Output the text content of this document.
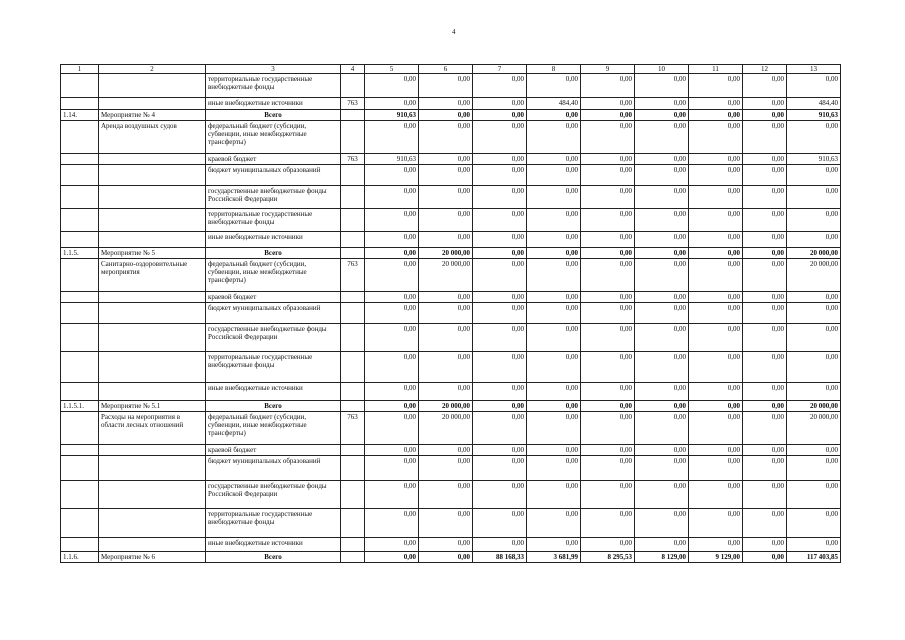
4
1	2	3	4	5	6	7	8	9	10	11	12	13
		территориальные государственные внебюджетные фонды		0,00	0,00	0,00	0,00	0,00	0,00	0,00	0,00	0,00
		иные внебюджетные источники	763	0,00	0,00	0,00	484,40	0,00	0,00	0,00	0,00	484,40
1.14.	Мероприятие № 4	Всего		910,63	0,00	0,00	0,00	0,00	0,00	0,00	0,00	910,63
	Аренда воздушных судов	федеральный бюджет (субсидии, субвенции, иные межбюджетные трансферты)		0,00	0,00	0,00	0,00	0,00	0,00	0,00	0,00	0,00
		краевой бюджет	763	910,63	0,00	0,00	0,00	0,00	0,00	0,00	0,00	910,63
		бюджет муниципальных образований		0,00	0,00	0,00	0,00	0,00	0,00	0,00	0,00	0,00
		государственные внебюджетные фонды Российской Федерации		0,00	0,00	0,00	0,00	0,00	0,00	0,00	0,00	0,00
		территориальные государственные внебюджетные фонды		0,00	0,00	0,00	0,00	0,00	0,00	0,00	0,00	0,00
		иные внебюджетные источники		0,00	0,00	0,00	0,00	0,00	0,00	0,00	0,00	0,00
1.1.5.	Мероприятие № 5	Всего		0,00	20 000,00	0,00	0,00	0,00	0,00	0,00	0,00	20 000,00
	Санитарно-оздоровительные мероприятия	федеральный бюджет (субсидии, субвенции, иные межбюджетные трансферты)	763	0,00	20 000,00	0,00	0,00	0,00	0,00	0,00	0,00	20 000,00
		краевой бюджет		0,00	0,00	0,00	0,00	0,00	0,00	0,00	0,00	0,00
		бюджет муниципальных образований		0,00	0,00	0,00	0,00	0,00	0,00	0,00	0,00	0,00
		государственные внебюджетные фонды Российской Федерации		0,00	0,00	0,00	0,00	0,00	0,00	0,00	0,00	0,00
		территориальные государственные внебюджетные фонды		0,00	0,00	0,00	0,00	0,00	0,00	0,00	0,00	0,00
		иные внебюджетные источники		0,00	0,00	0,00	0,00	0,00	0,00	0,00	0,00	0,00
1.1.5.1.	Мероприятие № 5.1	Всего		0,00	20 000,00	0,00	0,00	0,00	0,00	0,00	0,00	20 000,00
	Расходы на мероприятия в области лесных отношений	федеральный бюджет (субсидии, субвенции, иные межбюджетные трансферты)	763	0,00	20 000,00	0,00	0,00	0,00	0,00	0,00	0,00	20 000,00
		краевой бюджет		0,00	0,00	0,00	0,00	0,00	0,00	0,00	0,00	0,00
		бюджет муниципальных образований		0,00	0,00	0,00	0,00	0,00	0,00	0,00	0,00	0,00
		государственные внебюджетные фонды Российской Федерации		0,00	0,00	0,00	0,00	0,00	0,00	0,00	0,00	0,00
		территориальные государственные внебюджетные фонды		0,00	0,00	0,00	0,00	0,00	0,00	0,00	0,00	0,00
		иные внебюджетные источники		0,00	0,00	0,00	0,00	0,00	0,00	0,00	0,00	0,00
1.1.6.	Мероприятие № 6	Всего		0,00	0,00	88 168,33	3 681,99	8 295,53	8 129,00	9 129,00	0,00	117 403,85
